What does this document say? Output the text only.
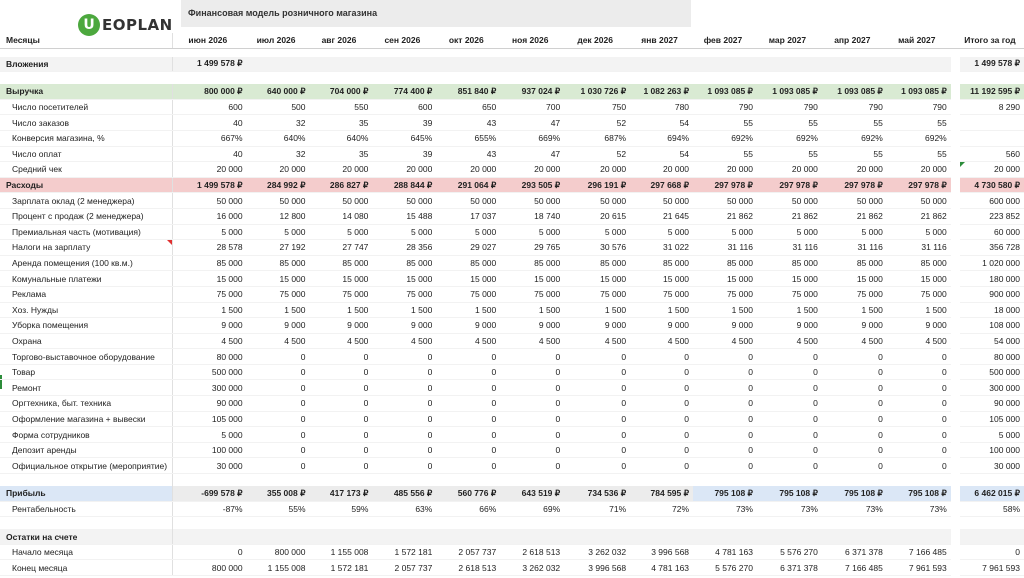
U EOPLAN
Финансовая модель розничного магазина
Месяцы	июн 2026	июл 2026	авг 2026	сен 2026	окт 2026	ноя 2026	дек 2026	янв 2027	фев 2027	мар 2027	апр 2027	май 2027		Итого за год

Вложения	1 499 578 ₽													1 499 578 ₽

Выручка	800 000 ₽	640 000 ₽	704 000 ₽	774 400 ₽	851 840 ₽	937 024 ₽	1 030 726 ₽	1 082 263 ₽	1 093 085 ₽	1 093 085 ₽	1 093 085 ₽	1 093 085 ₽		11 192 595 ₽
Число посетителей	600	500	550	600	650	700	750	780	790	790	790	790		8 290
Число заказов	40	32	35	39	43	47	52	54	55	55	55	55		
Конверсия магазина, %	667%	640%	640%	645%	655%	669%	687%	694%	692%	692%	692%	692%		
Число оплат	40	32	35	39	43	47	52	54	55	55	55	55		560
Средний чек	20 000	20 000	20 000	20 000	20 000	20 000	20 000	20 000	20 000	20 000	20 000	20 000		20 000
Расходы	1 499 578 ₽	284 992 ₽	286 827 ₽	288 844 ₽	291 064 ₽	293 505 ₽	296 191 ₽	297 668 ₽	297 978 ₽	297 978 ₽	297 978 ₽	297 978 ₽		4 730 580 ₽
Зарплата оклад (2 менеджера)	50 000	50 000	50 000	50 000	50 000	50 000	50 000	50 000	50 000	50 000	50 000	50 000		600 000
Процент с продаж (2 менеджера)	16 000	12 800	14 080	15 488	17 037	18 740	20 615	21 645	21 862	21 862	21 862	21 862		223 852
Премиальная часть (мотивация)	5 000	5 000	5 000	5 000	5 000	5 000	5 000	5 000	5 000	5 000	5 000	5 000		60 000
Налоги на зарплату	28 578	27 192	27 747	28 356	29 027	29 765	30 576	31 022	31 116	31 116	31 116	31 116		356 728
Аренда помещения (100 кв.м.)	85 000	85 000	85 000	85 000	85 000	85 000	85 000	85 000	85 000	85 000	85 000	85 000		1 020 000
Комунальные платежи	15 000	15 000	15 000	15 000	15 000	15 000	15 000	15 000	15 000	15 000	15 000	15 000		180 000
Реклама	75 000	75 000	75 000	75 000	75 000	75 000	75 000	75 000	75 000	75 000	75 000	75 000		900 000
Хоз. Нужды	1 500	1 500	1 500	1 500	1 500	1 500	1 500	1 500	1 500	1 500	1 500	1 500		18 000
Уборка помещения	9 000	9 000	9 000	9 000	9 000	9 000	9 000	9 000	9 000	9 000	9 000	9 000		108 000
Охрана	4 500	4 500	4 500	4 500	4 500	4 500	4 500	4 500	4 500	4 500	4 500	4 500		54 000
Торгово-выставочное оборудование	80 000	0	0	0	0	0	0	0	0	0	0	0		80 000
Товар	500 000	0	0	0	0	0	0	0	0	0	0	0		500 000
Ремонт	300 000	0	0	0	0	0	0	0	0	0	0	0		300 000
Оргтехника, быт. техника	90 000	0	0	0	0	0	0	0	0	0	0	0		90 000
Оформление магазина + вывески	105 000	0	0	0	0	0	0	0	0	0	0	0		105 000
Форма сотрудников	5 000	0	0	0	0	0	0	0	0	0	0	0		5 000
Депозит аренды	100 000	0	0	0	0	0	0	0	0	0	0	0		100 000
Официальное открытие (мероприятие)	30 000	0	0	0	0	0	0	0	0	0	0	0		30 000

Прибыль	-699 578 ₽	355 008 ₽	417 173 ₽	485 556 ₽	560 776 ₽	643 519 ₽	734 536 ₽	784 595 ₽	795 108 ₽	795 108 ₽	795 108 ₽	795 108 ₽		6 462 015 ₽
Рентабельность	-87%	55%	59%	63%	66%	69%	71%	72%	73%	73%	73%	73%		58%

Остатки на счете														
Начало месяца	0	800 000	1 155 008	1 572 181	2 057 737	2 618 513	3 262 032	3 996 568	4 781 163	5 576 270	6 371 378	7 166 485		0
Конец месяца	800 000	1 155 008	1 572 181	2 057 737	2 618 513	3 262 032	3 996 568	4 781 163	5 576 270	6 371 378	7 166 485	7 961 593		7 961 593
